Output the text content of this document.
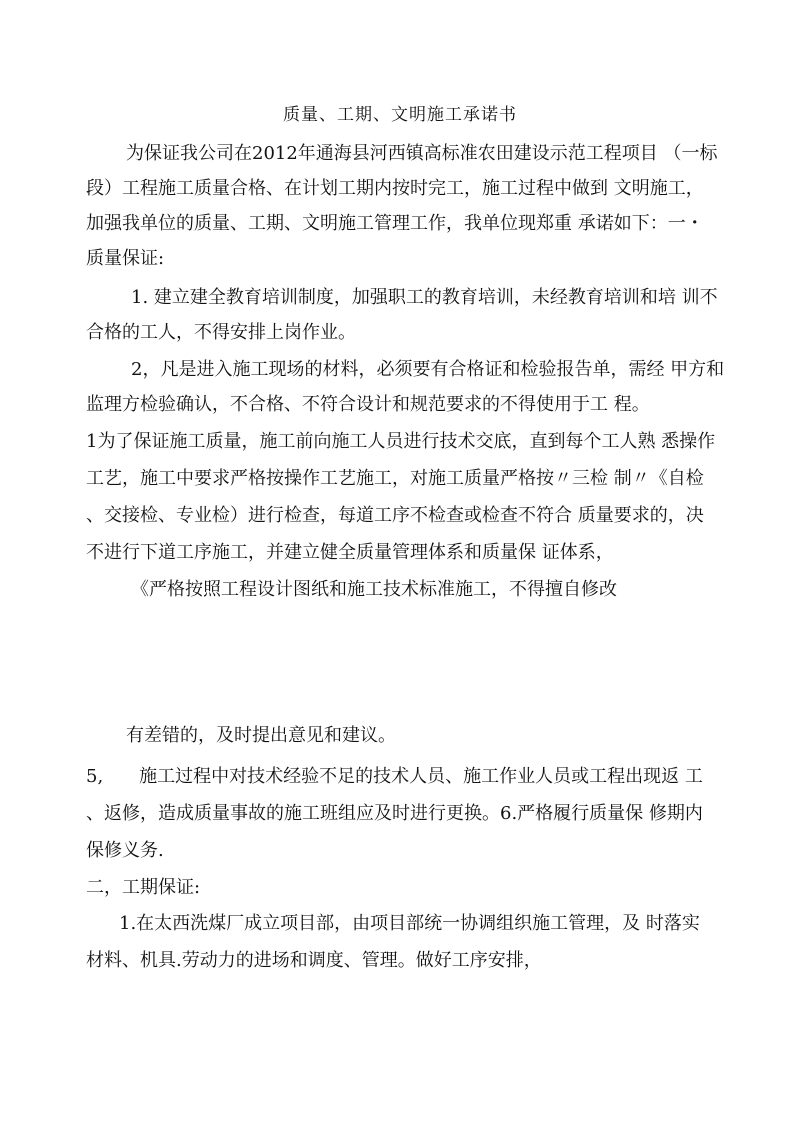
质量、工期、文明施工承诺书
为保证我公司在2012年通海县河西镇高标准农田建设示范工程项目 （一标
段）工程施工质量合格、在计划工期内按时完工，施工过程中做到 文明施工，
加强我单位的质量、工期、文明施工管理工作，我单位现郑重 承诺如下：一・
质量保证:
1. 建立建全教育培训制度，加强职工的教育培训，未经教育培训和培 训不
合格的工人，不得安排上岗作业。
2，凡是进入施工现场的材料，必须要有合格证和检验报告单，需经 甲方和
监理方检验确认，不合格、不符合设计和规范要求的不得使用于工 程。
1为了保证施工质量，施工前向施工人员进行技术交底，直到每个工人熟 悉操作
工艺，施工中要求严格按操作工艺施工，对施工质量严格按〃三检 制〃《自检
、交接检、专业检）进行检查，每道工序不检查或检查不符合 质量要求的，决
不进行下道工序施工，并建立健全质量管理体系和质量保 证体系，
《严格按照工程设计图纸和施工技术标准施工，不得擅自修改
有差错的，及时提出意见和建议。
5,　　施工过程中对技术经验不足的技术人员、施工作业人员或工程出现返 工
、返修，造成质量事故的施工班组应及时进行更换。6.严格履行质量保 修期内
保修义务.
二，工期保证:
1.在太西洗煤厂成立项目部，由项目部统一协调组织施工管理，及 时落实
材料、机具.劳动力的进场和调度、管理。做好工序安排，
